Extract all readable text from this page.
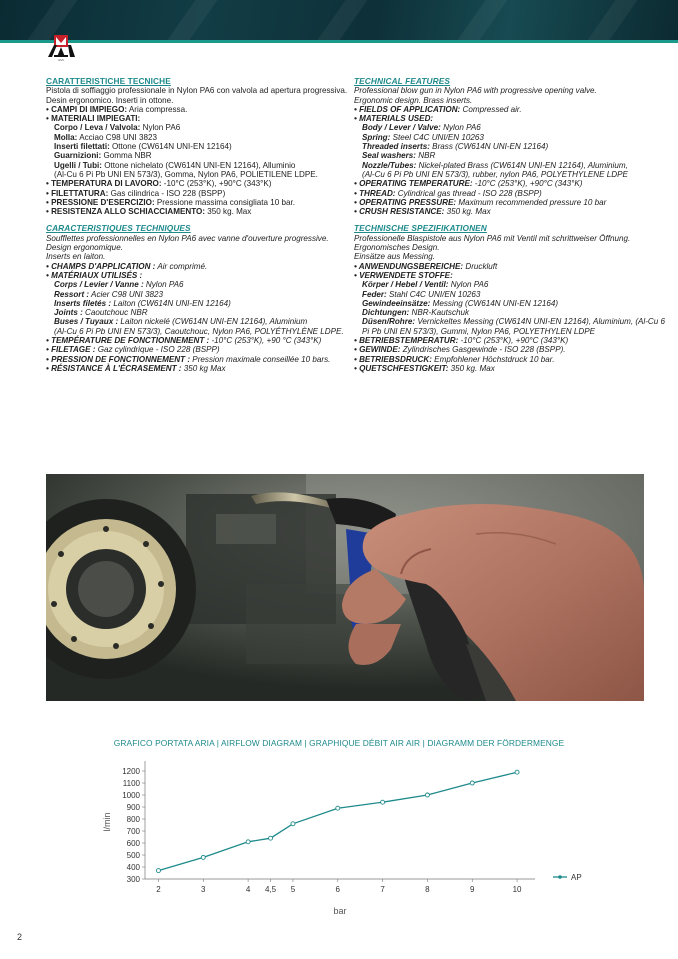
AMI
CARATTERISTICHE TECNICHE
Pistola di soffiaggio professionale in Nylon PA6 con valvola ad apertura progressiva.
Desin ergonomico. Inserti in ottone.
• CAMPI DI IMPIEGO: Aria compressa.
• MATERIALI IMPIEGATI:
Corpo / Leva / Valvola: Nylon PA6
Molla: Acciao C98 UNI 3823
Inserti filettati: Ottone (CW614N UNI-EN 12164)
Guarnizioni: Gomma NBR
Ugelli / Tubi: Ottone nichelato (CW614N UNI-EN 12164), Alluminio
(Al-Cu 6 Pi Pb UNI EN 573/3), Gomma, Nylon PA6, POLIETILENE LDPE.
• TEMPERATURA DI LAVORO: -10°C (253°K), +90°C (343°K)
• FILETTATURA: Gas cilindrica - ISO 228 (BSPP)
• PRESSIONE D'ESERCIZIO: Pressione massima consigliata 10 bar.
• RESISTENZA ALLO SCHIACCIAMENTO: 350 kg. Max
CARACTERISTIQUES TECHNIQUES
Soufflettes professionnelles en Nylon PA6 avec vanne d'ouverture progressive.
Design ergonomique.
Inserts en laiton.
• CHAMPS D'APPLICATION : Air comprimé.
• MATÉRIAUX UTILISÉS :
Corps / Levier / Vanne : Nylon PA6
Ressort : Acier C98 UNI 3823
Inserts filetés : Laiton (CW614N UNI-EN 12164)
Joints : Caoutchouc NBR
Buses / Tuyaux : Laiton nickelé (CW614N UNI-EN 12164), Aluminium
(Al-Cu 6 Pi Pb UNI EN 573/3), Caoutchouc, Nylon PA6, POLYÉTHYLÈNE LDPE.
• TEMPÉRATURE DE FONCTIONNEMENT : -10°C (253°K), +90 °C (343°K)
• FILETAGE : Gaz cylindrique - ISO 228 (BSPP)
• PRESSION DE FONCTIONNEMENT : Pression maximale conseillée 10 bars.
• RÉSISTANCE À L'ÉCRASEMENT : 350 kg Max
TECHNICAL FEATURES
Professional blow gun in Nylon PA6 with progressive opening valve.
Ergonomic design. Brass inserts.
• FIELDS OF APPLICATION: Compressed air.
• MATERIALS USED:
Body / Lever / Valve: Nylon PA6
Spring: Steel C4C UNI/EN 10263
Threaded inserts: Brass (CW614N UNI-EN 12164)
Seal washers: NBR
Nozzle/Tubes: Nickel-plated Brass (CW614N UNI-EN 12164), Aluminium,
(Al-Cu 6 Pi Pb UNI EN 573/3), rubber, nylon PA6, POLYETHYLENE LDPE
• OPERATING TEMPERATURE: -10°C (253°K), +90°C (343°K)
• THREAD: Cylindrical gas thread - ISO 228 (BSPP)
• OPERATING PRESSURE: Maximum recommended pressure 10 bar
• CRUSH RESISTANCE: 350 kg. Max
TECHNISCHE SPEZIFIKATIONEN
Professionelle Blaspistole aus Nylon PA6 mit Ventil mit schrittweiser Öffnung.
Ergonomisches Design.
Einsätze aus Messing.
• ANWENDUNGSBEREICHE: Druckluft
• VERWENDETE STOFFE:
Körper / Hebel / Ventil: Nylon PA6
Feder: Stahl C4C UNI/EN 10263
Gewindeeinsätze: Messing (CW614N UNI-EN 12164)
Dichtungen: NBR-Kautschuk
Düsen/Rohre: Vernickeltes Messing (CW614N UNI-EN 12164), Aluminium, (Al-Cu 6
Pi Pb UNI EN 573/3), Gummi, Nylon PA6, POLYETHYLEN LDPE
• BETRIEBSTEMPERATUR: -10°C (253°K), +90°C (343°K)
• GEWINDE: Zylindrisches Gasgewinde - ISO 228 (BSPP).
• BETRIEBSDRUCK: Empfohlener Höchstdruck 10 bar.
• QUETSCHFESTIGKEIT: 350 kg. Max
GRAFICO PORTATA ARIA | AIRFLOW DIAGRAM | GRAPHIQUE DÉBIT AIR AIR | DIAGRAMM DER FÖRDERMENGE
300
400
500
600
700
800
900
1000
1100
1200
2	3	4 4,5 5	6	7	8	9	10
AP
bar
l/min
2
